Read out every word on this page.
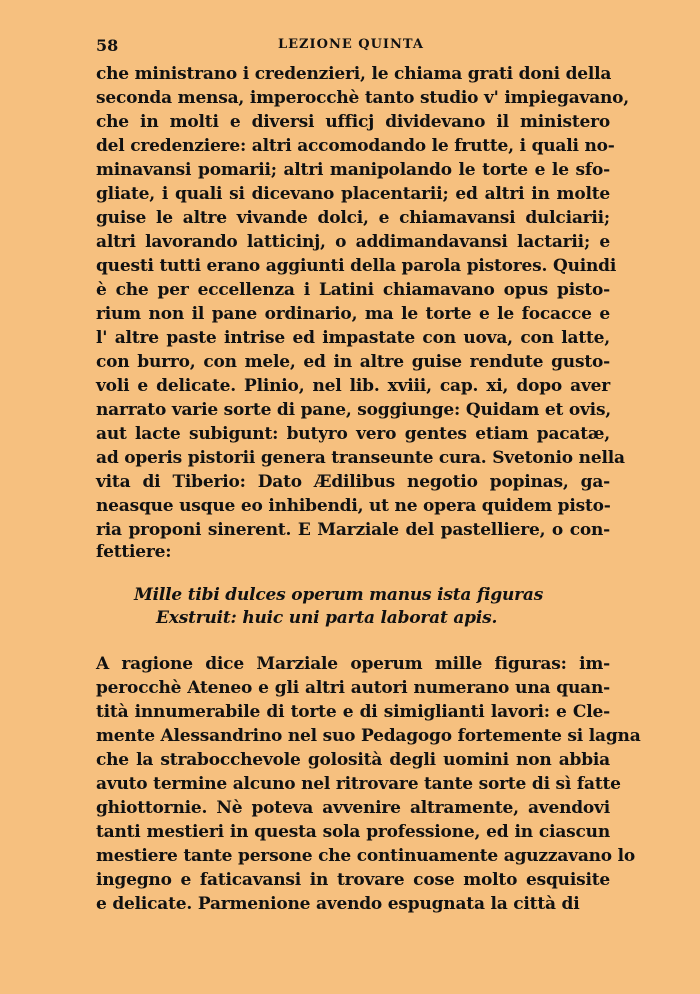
58	LEZIONE QUINTA
che ministrano i credenzieri, le chiama grati doni della
seconda mensa, imperocchè tanto studio v' impiegavano,
che in molti e diversi ufficj dividevano il ministero
del credenziere: altri accomodando le frutte, i quali no-
minavansi pomarii; altri manipolando le torte e le sfo-
gliate, i quali si dicevano placentarii; ed altri in molte
guise le altre vivande dolci, e chiamavansi dulciarii;
altri lavorando latticinj, o addimandavansi lactarii; e
questi tutti erano aggiunti della parola pistores. Quindi
è che per eccellenza i Latini chiamavano opus pisto-
rium non il pane ordinario, ma le torte e le focacce e
l' altre paste intrise ed impastate con uova, con latte,
con burro, con mele, ed in altre guise rendute gusto-
voli e delicate. Plinio, nel lib. xviii, cap. xi, dopo aver
narrato varie sorte di pane, soggiunge: Quidam et ovis,
aut lacte subigunt: butyro vero gentes etiam pacatæ,
ad operis pistorii genera transeunte cura. Svetonio nella
vita di Tiberio: Dato Ædilibus negotio popinas, ga-
neasque usque eo inhibendi, ut ne opera quidem pisto-
ria proponi sinerent. E Marziale del pastelliere, o con-
fettiere:
Mille tibi dulces operum manus ista figuras
Exstruit: huic uni parta laborat apis.
A ragione dice Marziale operum mille figuras: im-
perocchè Ateneo e gli altri autori numerano una quan-
tità innumerabile di torte e di simiglianti lavori: e Cle-
mente Alessandrino nel suo Pedagogo fortemente si lagna
che la strabocchevole golosità degli uomini non abbia
avuto termine alcuno nel ritrovare tante sorte di sì fatte
ghiottornie. Nè poteva avvenire altramente, avendovi
tanti mestieri in questa sola professione, ed in ciascun
mestiere tante persone che continuamente aguzzavano lo
ingegno e faticavansi in trovare cose molto esquisite
e delicate. Parmenione avendo espugnata la città di
